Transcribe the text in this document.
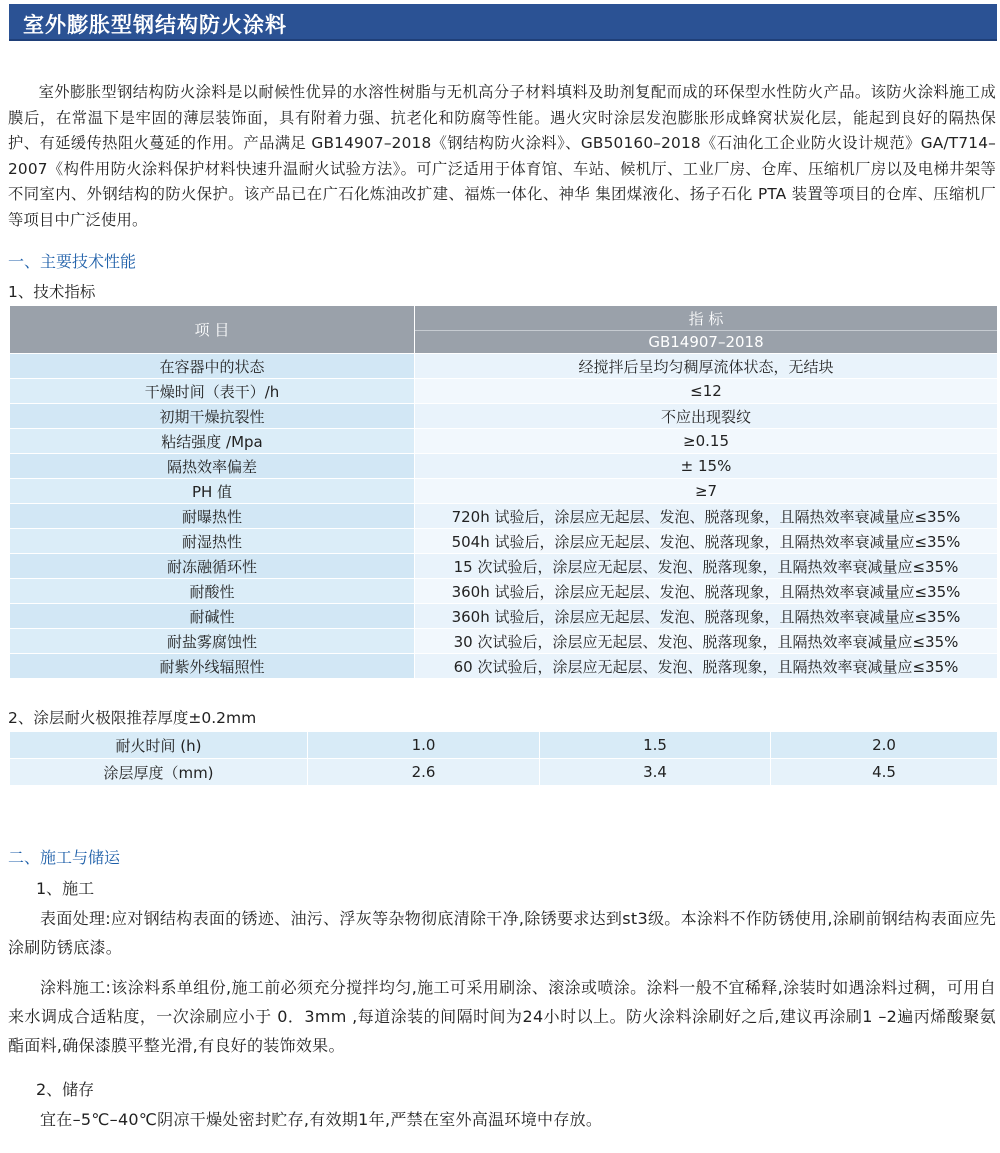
室外膨胀型钢结构防火涂料
室外膨胀型钢结构防火涂料是以耐候性优异的水溶性树脂与无机高分子材料填料及助剂复配而成的环保型水性防火产品。该防火涂料施工成膜后，在常温下是牢固的薄层装饰面，具有附着力强、抗老化和防腐等性能。遇火灾时涂层发泡膨胀形成蜂窝状炭化层，能起到良好的隔热保护、有延缓传热阻火蔓延的作用。产品满足 GB14907–2018《钢结构防火涂料》、GB50160–2018《石油化工企业防火设计规范》GA/T714–2007《构件用防火涂料保护材料快速升温耐火试验方法》。可广泛适用于体育馆、车站、候机厅、工业厂房、仓库、压缩机厂房以及电梯井架等不同室内、外钢结构的防火保护。该产品已在广石化炼油改扩建、福炼一体化、神华 集团煤液化、扬子石化 PTA 装置等项目的仓库、压缩机厂等项目中广泛使用。
一、主要技术性能
1、技术指标
项 目	指 标
	GB14907–2018
在容器中的状态	经搅拌后呈均匀稠厚流体状态，无结块
干燥时间（表干）/h	≤12
初期干燥抗裂性	不应出现裂纹
粘结强度 /Mpa	≥0.15
隔热效率偏差	± 15%
PH 值	≥7
耐曝热性	720h 试验后，涂层应无起层、发泡、脱落现象，且隔热效率衰减量应≤35%
耐湿热性	504h 试验后，涂层应无起层、发泡、脱落现象，且隔热效率衰减量应≤35%
耐冻融循环性	15 次试验后，涂层应无起层、发泡、脱落现象，且隔热效率衰减量应≤35%
耐酸性	360h 试验后，涂层应无起层、发泡、脱落现象，且隔热效率衰减量应≤35%
耐碱性	360h 试验后，涂层应无起层、发泡、脱落现象，且隔热效率衰减量应≤35%
耐盐雾腐蚀性	30 次试验后，涂层应无起层、发泡、脱落现象，且隔热效率衰减量应≤35%
耐紫外线辐照性	60 次试验后，涂层应无起层、发泡、脱落现象，且隔热效率衰减量应≤35%
2、涂层耐火极限推荐厚度±0.2mm
耐火时间 (h)	1.0	1.5	2.0
涂层厚度（mm)	2.6	3.4	4.5
二、施工与储运
1、施工
表面处理:应对钢结构表面的锈迹、油污、浮灰等杂物彻底清除干净,除锈要求达到st3级。本涂料不作防锈使用,涂刷前钢结构表面应先涂刷防锈底漆。
涂料施工:该涂料系单组份,施工前必须充分搅拌均匀,施工可采用刷涂、滚涂或喷涂。涂料一般不宜稀释,涂装时如遇涂料过稠，可用自来水调成合适粘度，一次涂刷应小于 0．3mm ,每道涂装的间隔时间为24小时以上。防火涂料涂刷好之后,建议再涂刷1 –2遍丙烯酸聚氨酯面料,确保漆膜平整光滑,有良好的装饰效果。
2、储存
宜在–5℃–40℃阴凉干燥处密封贮存,有效期1年,严禁在室外高温环境中存放。
